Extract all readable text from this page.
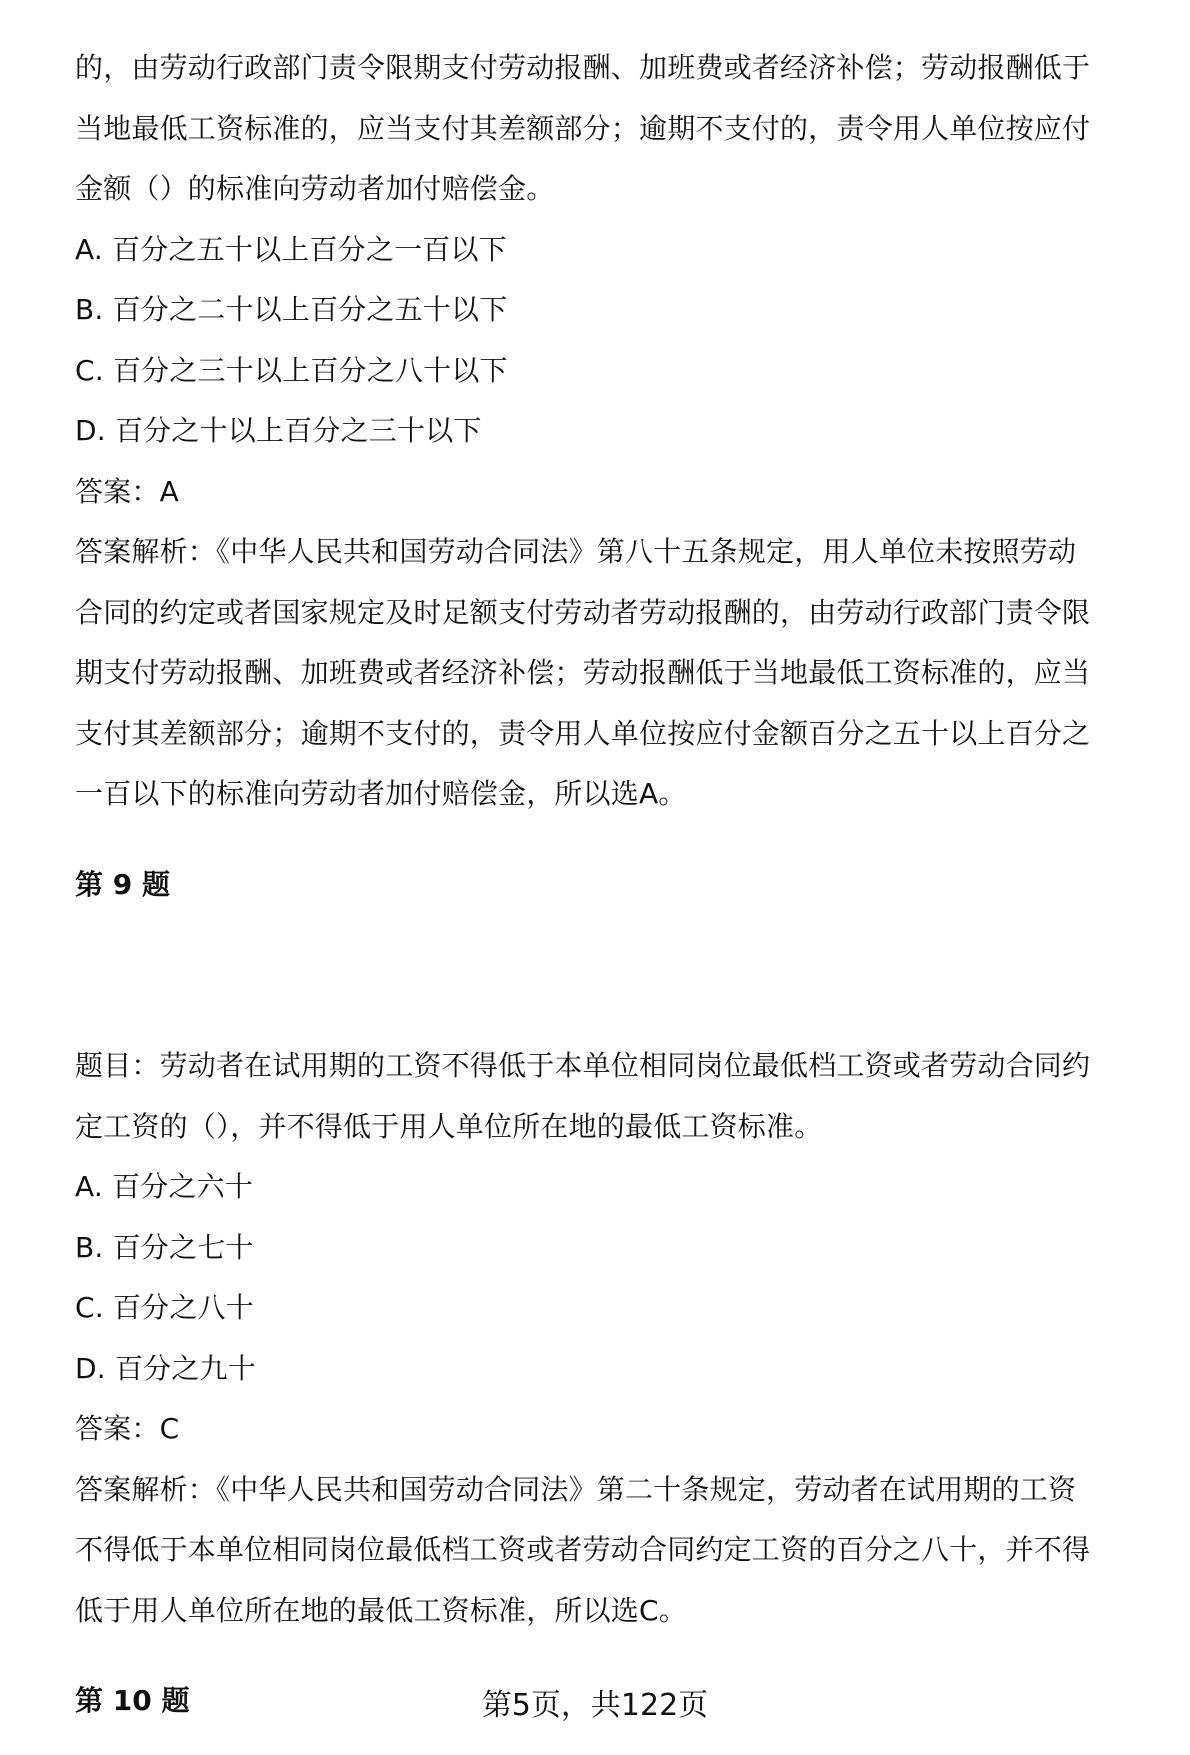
的，由劳动行政部门责令限期支付劳动报酬、加班费或者经济补偿；劳动报酬低于
当地最低工资标准的，应当支付其差额部分；逾期不支付的，责令用人单位按应付
金额（）的标准向劳动者加付赔偿金。
A. 百分之五十以上百分之一百以下
B. 百分之二十以上百分之五十以下
C. 百分之三十以上百分之八十以下
D. 百分之十以上百分之三十以下
答案：A
答案解析：《中华人民共和国劳动合同法》第八十五条规定，用人单位未按照劳动
合同的约定或者国家规定及时足额支付劳动者劳动报酬的，由劳动行政部门责令限
期支付劳动报酬、加班费或者经济补偿；劳动报酬低于当地最低工资标准的，应当
支付其差额部分；逾期不支付的，责令用人单位按应付金额百分之五十以上百分之
一百以下的标准向劳动者加付赔偿金，所以选A。
第 9 题
题目：劳动者在试用期的工资不得低于本单位相同岗位最低档工资或者劳动合同约
定工资的（），并不得低于用人单位所在地的最低工资标准。
A. 百分之六十
B. 百分之七十
C. 百分之八十
D. 百分之九十
答案：C
答案解析：《中华人民共和国劳动合同法》第二十条规定，劳动者在试用期的工资
不得低于本单位相同岗位最低档工资或者劳动合同约定工资的百分之八十，并不得
低于用人单位所在地的最低工资标准，所以选C。
第 10 题	第5页，共122页
